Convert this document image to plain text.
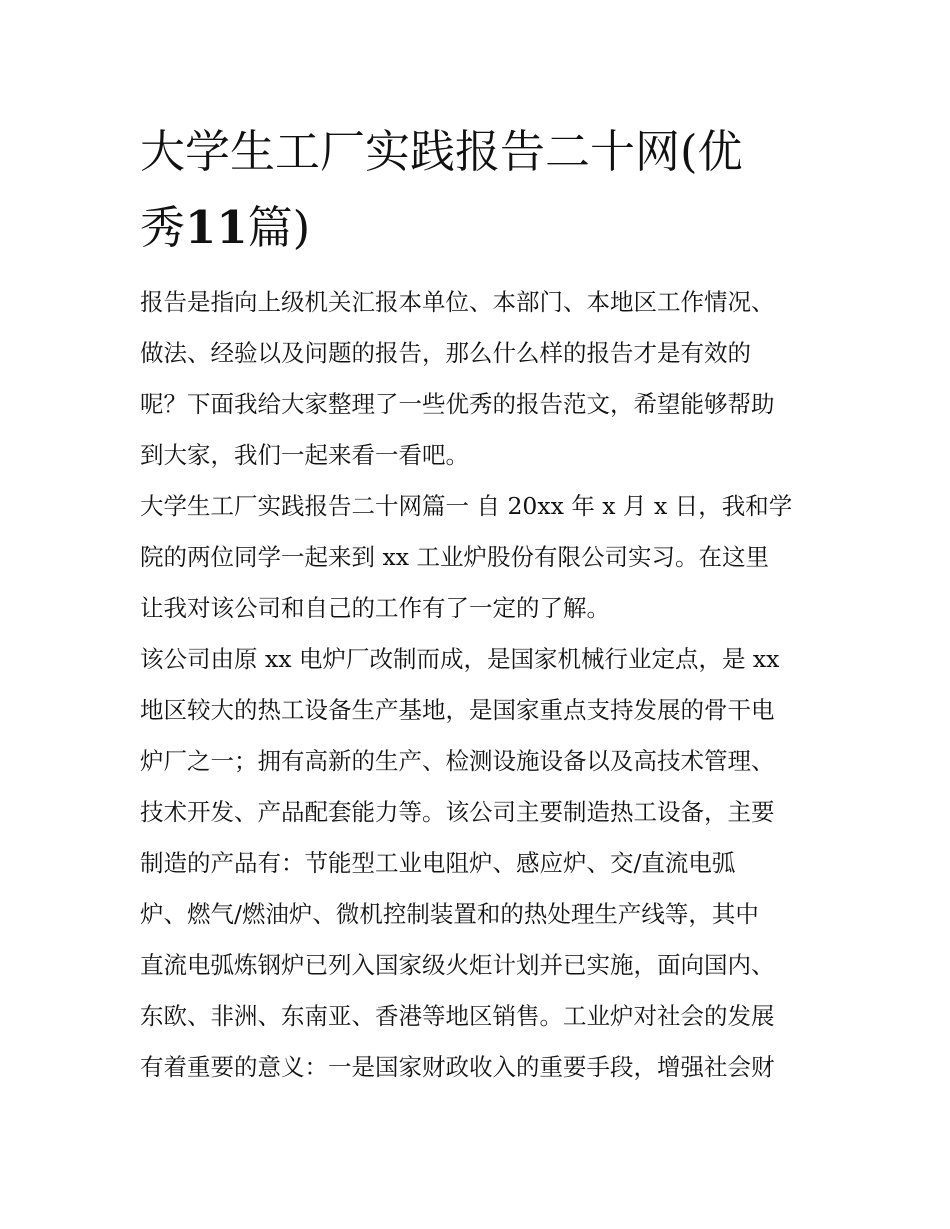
大学生工厂实践报告二十网(优
秀11篇)
报告是指向上级机关汇报本单位、本部门、本地区工作情况、
做法、经验以及问题的报告，那么什么样的报告才是有效的
呢？下面我给大家整理了一些优秀的报告范文，希望能够帮助
到大家，我们一起来看一看吧。
大学生工厂实践报告二十网篇一 自 20xx 年 x 月 x 日，我和学
院的两位同学一起来到 xx 工业炉股份有限公司实习。在这里
让我对该公司和自己的工作有了一定的了解。
该公司由原 xx 电炉厂改制而成，是国家机械行业定点，是 xx
地区较大的热工设备生产基地，是国家重点支持发展的骨干电
炉厂之一；拥有高新的生产、检测设施设备以及高技术管理、
技术开发、产品配套能力等。该公司主要制造热工设备，主要
制造的产品有：节能型工业电阻炉、感应炉、交/直流电弧
炉、燃气/燃油炉、微机控制装置和的热处理生产线等，其中
直流电弧炼钢炉已列入国家级火炬计划并已实施，面向国内、
东欧、非洲、东南亚、香港等地区销售。工业炉对社会的发展
有着重要的意义：一是国家财政收入的重要手段，增强社会财
